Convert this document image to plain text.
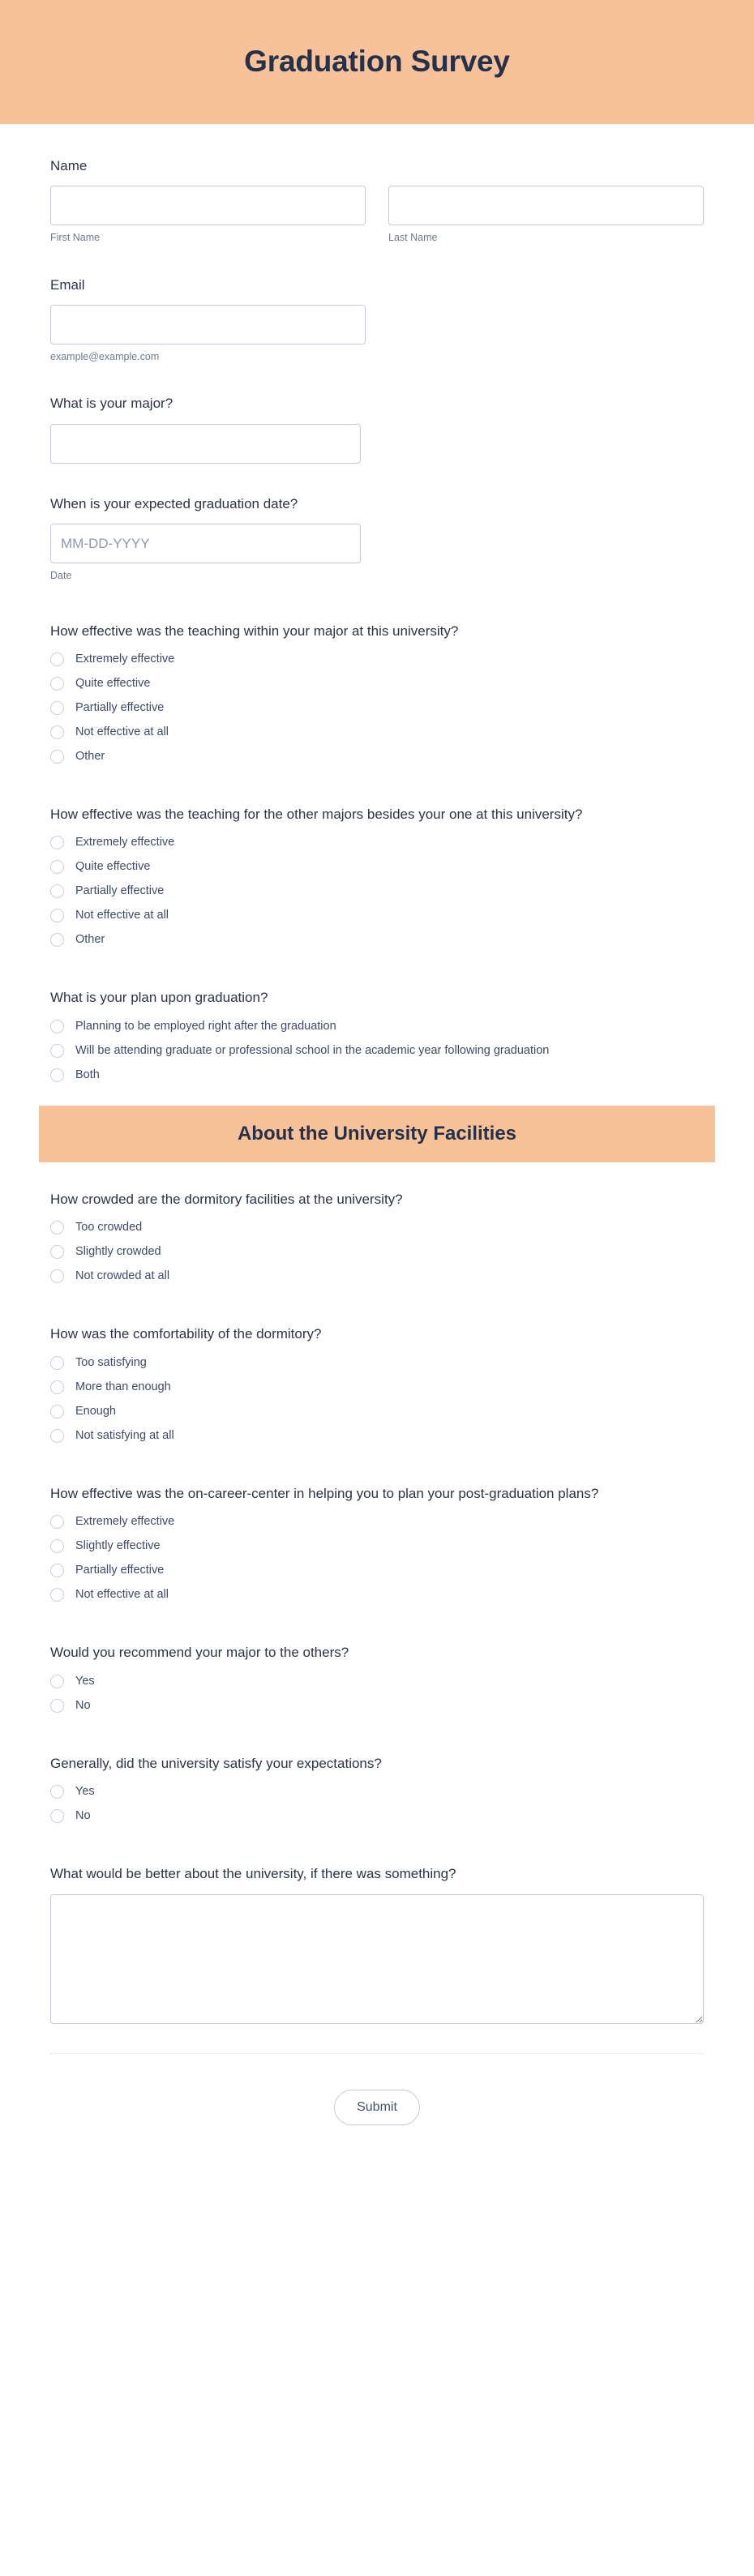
Graduation Survey
Name
First Name	Last Name
Email
example@example.com
What is your major?
When is your expected graduation date?
MM-DD-YYYY
Date
How effective was the teaching within your major at this university?
Extremely effective
Quite effective
Partially effective
Not effective at all
Other
How effective was the teaching for the other majors besides your one at this university?
Extremely effective
Quite effective
Partially effective
Not effective at all
Other
What is your plan upon graduation?
Planning to be employed right after the graduation
Will be attending graduate or professional school in the academic year following graduation
Both
About the University Facilities
How crowded are the dormitory facilities at the university?
Too crowded
Slightly crowded
Not crowded at all
How was the comfortability of the dormitory?
Too satisfying
More than enough
Enough
Not satisfying at all
How effective was the on-career-center in helping you to plan your post-graduation plans?
Extremely effective
Slightly effective
Partially effective
Not effective at all
Would you recommend your major to the others?
Yes
No
Generally, did the university satisfy your expectations?
Yes
No
What would be better about the university, if there was something?
Submit
